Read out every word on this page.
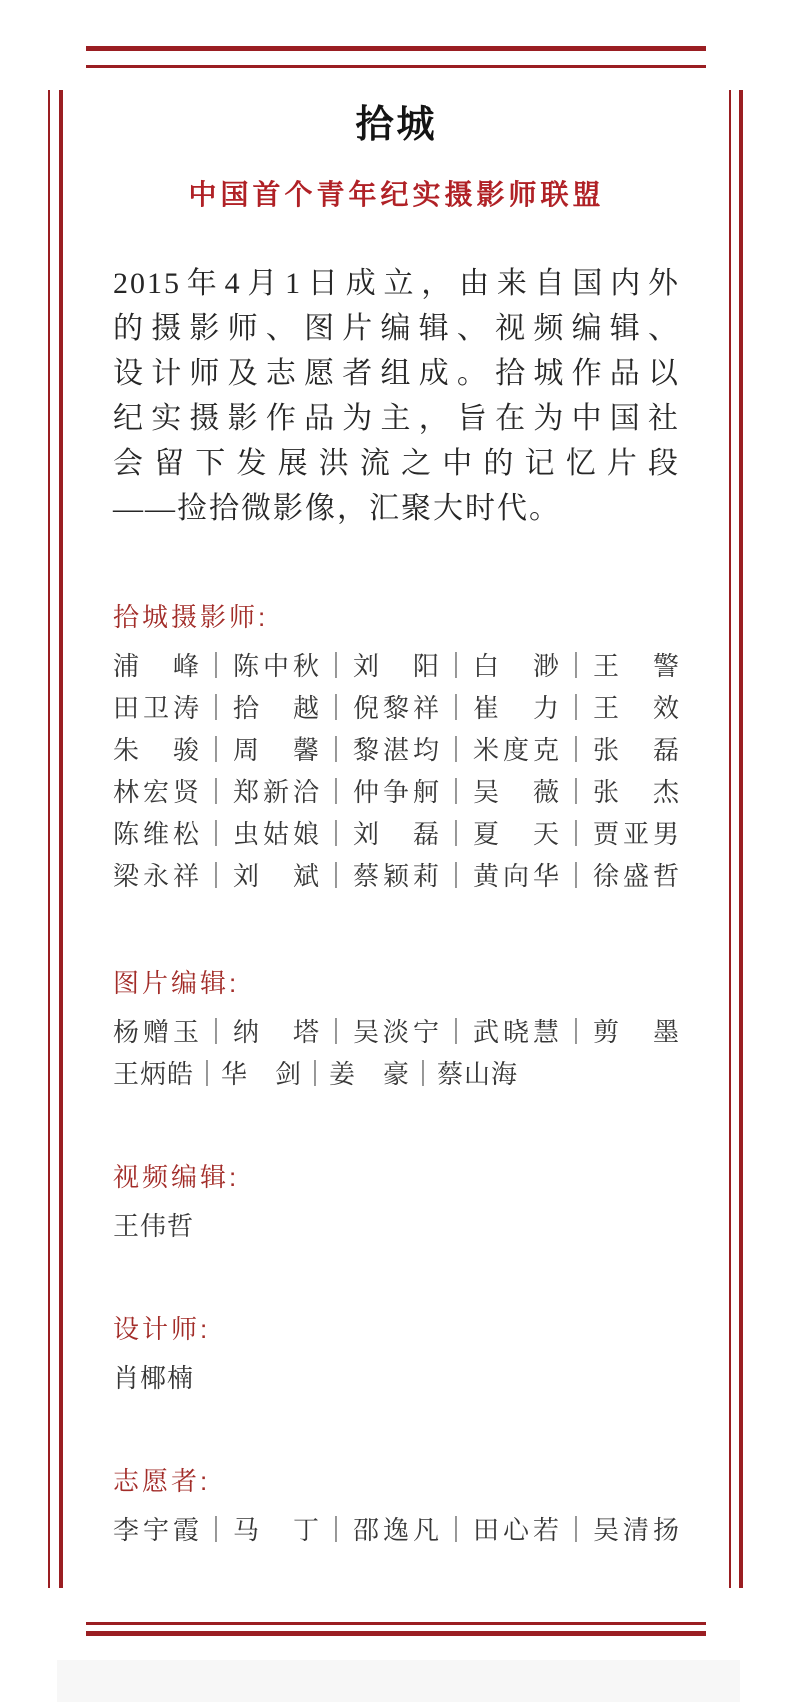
拾城
中国首个青年纪实摄影师联盟
2015年4月1日成立，由来自国内外
的摄影师、图片编辑、视频编辑、
设计师及志愿者组成。拾城作品以
纪实摄影作品为主，旨在为中国社
会留下发展洪流之中的记忆片段
——捡拾微影像，汇聚大时代。
拾城摄影师:
浦　峰｜陈中秋｜刘　阳｜白　渺｜王　警
田卫涛｜拾　越｜倪黎祥｜崔　力｜王　效
朱　骏｜周　馨｜黎湛均｜米度克｜张　磊
林宏贤｜郑新洽｜仲争舸｜吴　薇｜张　杰
陈维松｜虫姑娘｜刘　磊｜夏　天｜贾亚男
梁永祥｜刘　斌｜蔡颖莉｜黄向华｜徐盛哲
图片编辑:
杨赠玉｜纳　塔｜吴淡宁｜武晓慧｜剪　墨
王炳皓｜华　剑｜姜　豪｜蔡山海
视频编辑:
王伟哲
设计师:
肖椰楠
志愿者:
李宇霞｜马　丁｜邵逸凡｜田心若｜吴清扬
